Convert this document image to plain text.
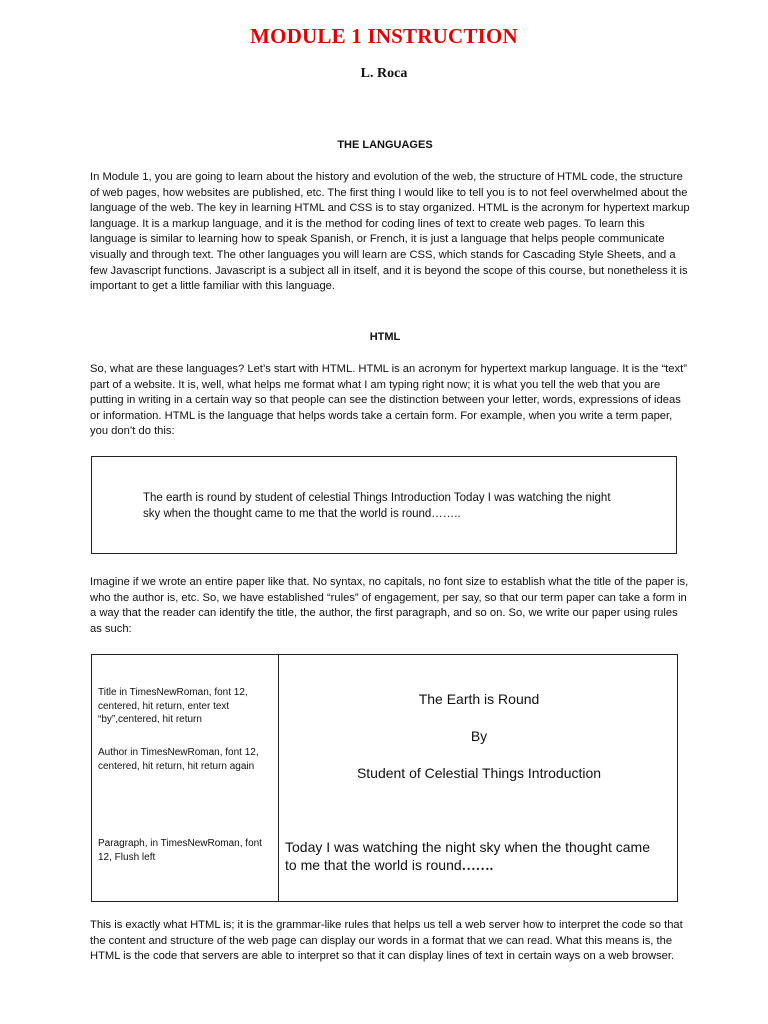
MODULE 1 INSTRUCTION
L. Roca
THE LANGUAGES

In Module 1, you are going to learn about the history and evolution of the web, the structure of HTML code, the structure of web pages, how websites are published, etc. The first thing I would like to tell you is to not feel overwhelmed about the language of the web. The key in learning HTML and CSS is to stay organized. HTML is the acronym for hypertext markup language. It is a markup language, and it is the method for coding lines of text to create web pages. To learn this language is similar to learning how to speak Spanish, or French, it is just a language that helps people communicate visually and through text. The other languages you will learn are CSS, which stands for Cascading Style Sheets, and a few Javascript functions. Javascript is a subject all in itself, and it is beyond the scope of this course, but nonetheless it is important to get a little familiar with this language.

HTML

So, what are these languages? Let’s start with HTML. HTML is an acronym for hypertext markup language. It is the “text” part of a website. It is, well, what helps me format what I am typing right now; it is what you tell the web that you are putting in writing in a certain way so that people can see the distinction between your letter, words, expressions of ideas or information. HTML is the language that helps words take a certain form. For example, when you write a term paper, you don’t do this:

The earth is round by student of celestial Things Introduction Today I was watching the night sky when the thought came to me that the world is round……..

Imagine if we wrote an entire paper like that. No syntax, no capitals, no font size to establish what the title of the paper is, who the author is, etc. So, we have established “rules” of engagement, per say, so that our term paper can take a form in a way that the reader can identify the title, the author, the first paragraph, and so on. So, we write our paper using rules as such:

Title in TimesNewRoman, font 12, centered, hit return, enter text “by”,centered, hit return
Author in TimesNewRoman, font 12, centered, hit return, hit return again
Paragraph, in TimesNewRoman, font 12, Flush left
The Earth is Round
By
Student of Celestial Things Introduction
Today I was watching the night sky when the thought came to me that the world is round…….

This is exactly what HTML is; it is the grammar-like rules that helps us tell a web server how to interpret the code so that the content and structure of the web page can display our words in a format that we can read. What this means is, the HTML is the code that servers are able to interpret so that it can display lines of text in certain ways on a web browser.
